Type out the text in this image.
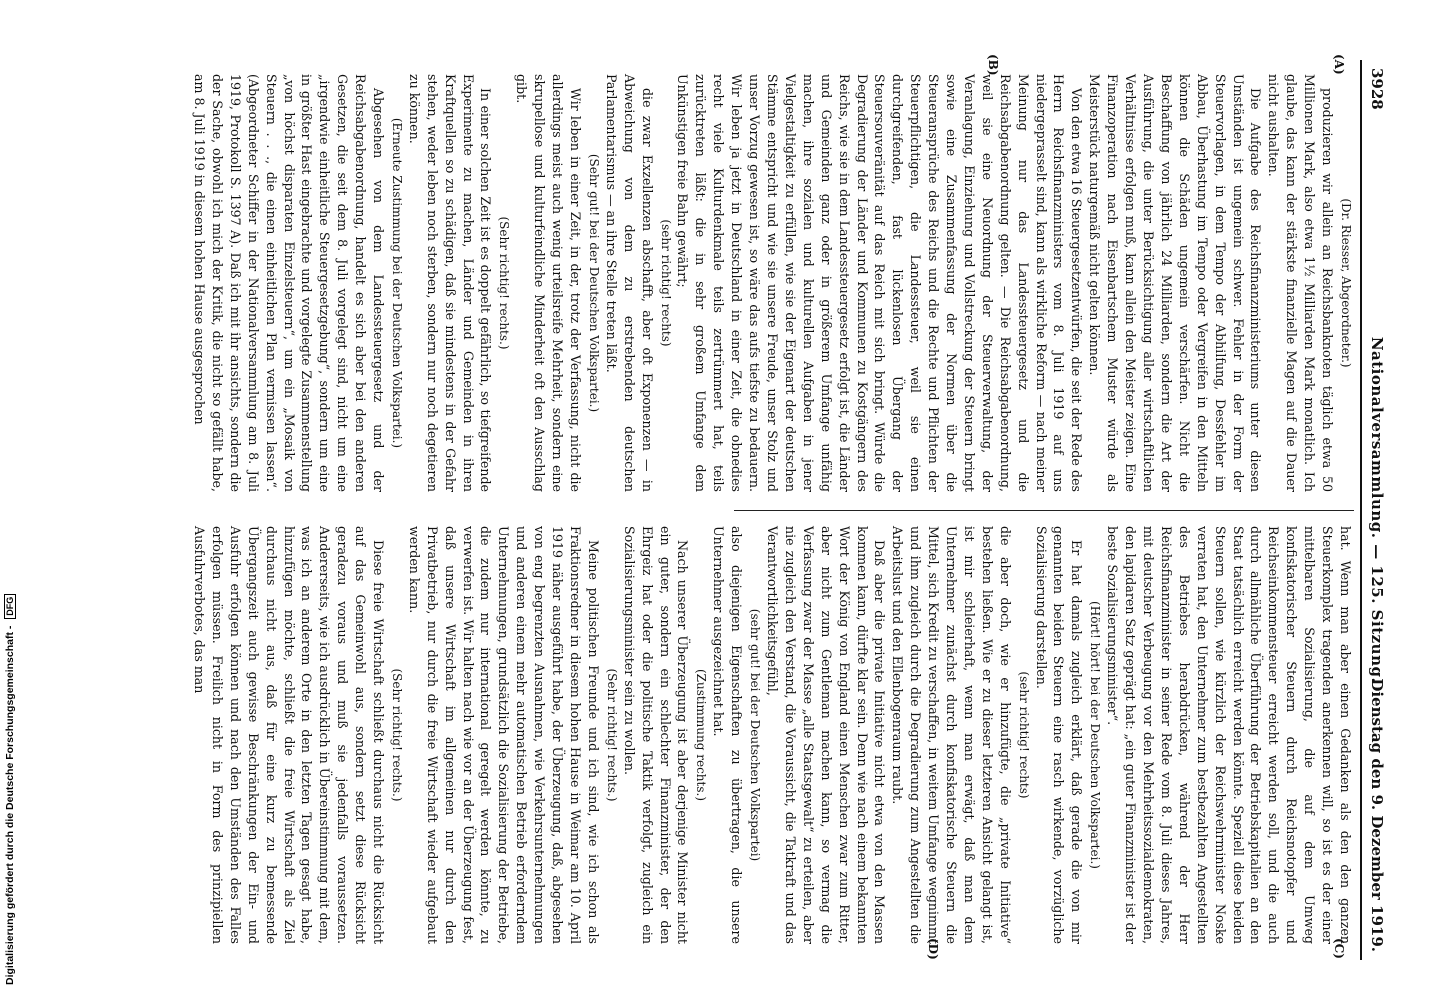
Digitalisierung gefördert durch die Deutsche Forschungsgemeinschaft - DFG
3928
Nationalversammlung. — 125. Sitzung.
Dienstag den 9. Dezember 1919.
(A)
(B)
(C)
(D)

(Dr. Riesser, Abgeordneter.)

produzieren wir allein an Reichsbanknoten täglich etwa 50 Millionen Mark, also etwa 1½ Milliarden Mark monatlich. Ich glaube, das kann der stärkste finanzielle Magen auf die Dauer nicht aushalten.

Die Aufgabe des Reichsfinanzministeriums unter diesen Umständen ist ungemein schwer. Fehler in der Form der Steuervorlagen, in dem Tempo der Abhilfung, Dessfehler im Abbau, Überhastung im Tempo oder Vergreifen in den Mitteln können die Schäden ungemein verschärfen. Nicht die Beschaffung von jährlich 24 Milliarden, sondern die Art der Ausführung, die unter Berücksichtigung aller wirtschaftlichen Verhältnisse erfolgen muß, kann allein den Meister zeigen. Eine Finanzoperation nach Eisenbartschem Muster würde als Meisterstück naturgemäß nicht gelten können.

Von den etwa 16 Steuergesetzentwürfen, die seit der Rede des Herrn Reichsfinanzministers vom 8. Juli 1919 auf uns niedergeprasselt sind, kann als wirkliche Reform — nach meiner Meinung nur das Landessteuergesetz und die Reichsabgabenordnung gelten. — Die Reichsabgabenordnung, weil sie eine Neuordnung der Steuerverwaltung, der Veranlagung, Einziehung und Vollstreckung der Steuern bringt sowie eine Zusammenfassung der Normen über die Steueransprüche des Reichs und die Rechte und Pflichten der Steuerpflichtigen, die Landessteuer, weil sie einen durchgreifenden, fast lückenlosen Übergang der Steuersouveränität auf das Reich mit sich bringt. Würde die Degradierung der Länder und Kommunen zu Kostgängern des Reichs, wie sie in dem Landessteuergesetz erfolgt ist, die Länder und Gemeinden ganz oder in größerem Umfange unfähig machen, ihre sozialen und kulturellen Aufgaben in jener Vielgestaltigkeit zu erfüllen, wie sie der Eigenart der deutschen Stämme entspricht und wie sie unsere Freude, unser Stolz und unser Vorzug gewesen ist, so wäre das aufs tiefste zu bedauern. Wir leben ja jetzt in Deutschland in einer Zeit, die obnedies recht viele Kulturdenkmale teils zertrümmert hat, teils zurücktreten läßt: die in sehr großem Umfange dem Unkünstigen freie Bahn gewährt;

(sehr richtig! rechts)

die zwar Exzellenzen abschafft, aber oft Exponenzen — in Abweichung von dem zu erstrebenden deutschen Parlamentarismus — an ihre Stelle treten läßt.

(Sehr gut! bei der Deutschen Volkspartei.)

Wir leben in einer Zeit, in der, trotz der Verfassung, nicht die allerdings meist auch wenig urteilsreife Mehrheit, sondern eine skrupellose und kulturfeindliche Minderheit oft den Ausschlag gibt.

(Sehr richtig! rechts.)

In einer solchen Zeit ist es doppelt gefährlich, so tiefgreifende Experimente zu machen, Länder und Gemeinden in ihren Kraftquellen so zu schädigen, daß sie mindestens in der Gefahr stehen, weder leben noch sterben, sondern nur noch degetieren zu können.

(Erneute Zustimmung bei der Deutschen Volkspartei.)

Abgesehen von dem Landessteuergesetz und der Reichsabgabenordnung, handelt es sich aber bei den anderen Gesetzen, die seit dem 8. Juli vorgelegt sind, nicht um eine „irgendwie einheitliche Steuergesetzgebung“, sondern um eine in größter Hast eingebrachte und vorgelegte Zusammenstellung „von höchst disparaten Einzelsteuern“, um ein „Mosaik von Steuern . . ., die einen einheitlichen Plan vermissen lassen“. (Abgeordneter Schiffer in der Nationalversammlung am 8. Juli 1919, Protokoll S. 1397 A). Daß ich mit ihr ansichts, sondern die der Sache, obwohl ich mich der Kritik, die nicht so gefällt habe, am 8. Juli 1919 in diesem hohen Hause ausgesprochen

hat. Wenn man aber einen Gedanken als den den ganzen Steuerkomplex tragenden anerkennen will, so ist es der einer mittelbaren Sozialisierung, die auf dem Umweg konfiskatorischer Steuern durch Reichsnotopfer und Reichseinkommensteuer erreicht werden soll, und die auch durch allmähliche Überführung der Betriebskapitalien an den Staat tatsächlich erreicht werden könnte. Speziell diese beiden Steuern sollen, wie kürzlich der Reichswehrminister Noske verraten hat, den Unternehmer zum bestbezahlten Angestellten des Betriebes herabdrücken, während der Herr Reichsfinanzminister in seiner Rede vom 8. Juli dieses Jahres, mit deutscher Verbeugung vor den Mehrheitssozialdemokraten, den lapidaren Satz geprägt hat: „ein guter Finanzminister ist der beste Sozialisierungsminister“.

(Hört! hört! bei der Deutschen Volkspartei.)

Er hat damals zugleich erklärt, daß gerade die von mir genannten beiden Steuern eine rasch wirkende, vorzügliche Sozialisierung darstellen.

(sehr richtig! rechts)

die aber doch, wie er hinzufügte, die „private Initiative“ bestehen ließen. Wie er zu dieser letzteren Ansicht gelangt ist, ist mir schleierhaft, wenn man erwägt, daß man dem Unternehmer zunächst durch konfiskatorische Steuern die Mittel, sich Kredit zu verschaffen, in weitem Umfange wegnimmt und ihm zugleich durch die Degradierung zum Angestellten die Arbeitslust und den Ellenbogenraum raubt.

Daß aber die private Initiative nicht etwa von den Massen kommen kann, dürfte klar sein. Denn wie nach einem bekannten Wort der König von England einen Menschen zwar zum Ritter, aber nicht zum Gentleman machen kann, so vermag die Verfassung zwar der Masse „alle Staatsgewalt“ zu erteilen, aber nie zugleich den Verstand, die Voraussicht, die Tatkraft und das Verantwortlichkeitsgefühl,

(sehr gut! bei der Deutschen Volkspartei)

also diejenigen Eigenschaften zu übertragen, die unsere Unternehmer ausgezeichnet hat.

(Zustimmung rechts.)

Nach unserer Überzeugung ist aber derjenige Minister nicht ein guter, sondern ein schlechter Finanzminister, der den Ehrgeiz hat oder die politische Taktik verfolgt, zugleich ein Sozialisierungsminister sein zu wollen.

(Sehr richtig! rechts.)

Meine politischen Freunde und ich sind, wie ich schon als Fraktionsredner in diesem hohen Hause in Weimar am 10. April 1919 näher ausgeführt habe, der Überzeugung, daß, abgesehen von eng begrenzten Ausnahmen, wie Verkehrsunternehmungen und anderen einem mehr automatischen Betrieb erforderndem Unternehmungen, grundsätzlich die Sozialisierung der Betriebe, die zudem nur international geregelt werden könnte, zu verwerfen ist. Wir halten nach wie vor an der Überzeugung fest, daß unsere Wirtschaft im allgemeinen nur durch den Privatbetrieb, nur durch die freie Wirtschaft wieder aufgebaut werden kann.

(Sehr richtig! rechts.)

Diese freie Wirtschaft schließt durchaus nicht die Rücksicht auf das Gemeinwohl aus, sondern setzt diese Rücksicht geradezu voraus und muß sie jedenfalls voraussetzen. Andererseits, wie ich ausdrücklich in Übereinstimmung mit dem, was ich an anderem Orte in den letzten Tagen gesagt habe, hinzufügen möchte, schließt die freie Wirtschaft als Ziel durchaus nicht aus, daß für eine kurz zu bemessende Übergangszeit auch gewisse Beschränkungen der Ein- und Ausfuhr erfolgen können und nach den Umständen des Falles erfolgen müssen. Freilich nicht in Form des prinzipiellen Ausfuhrverbotes, das man
